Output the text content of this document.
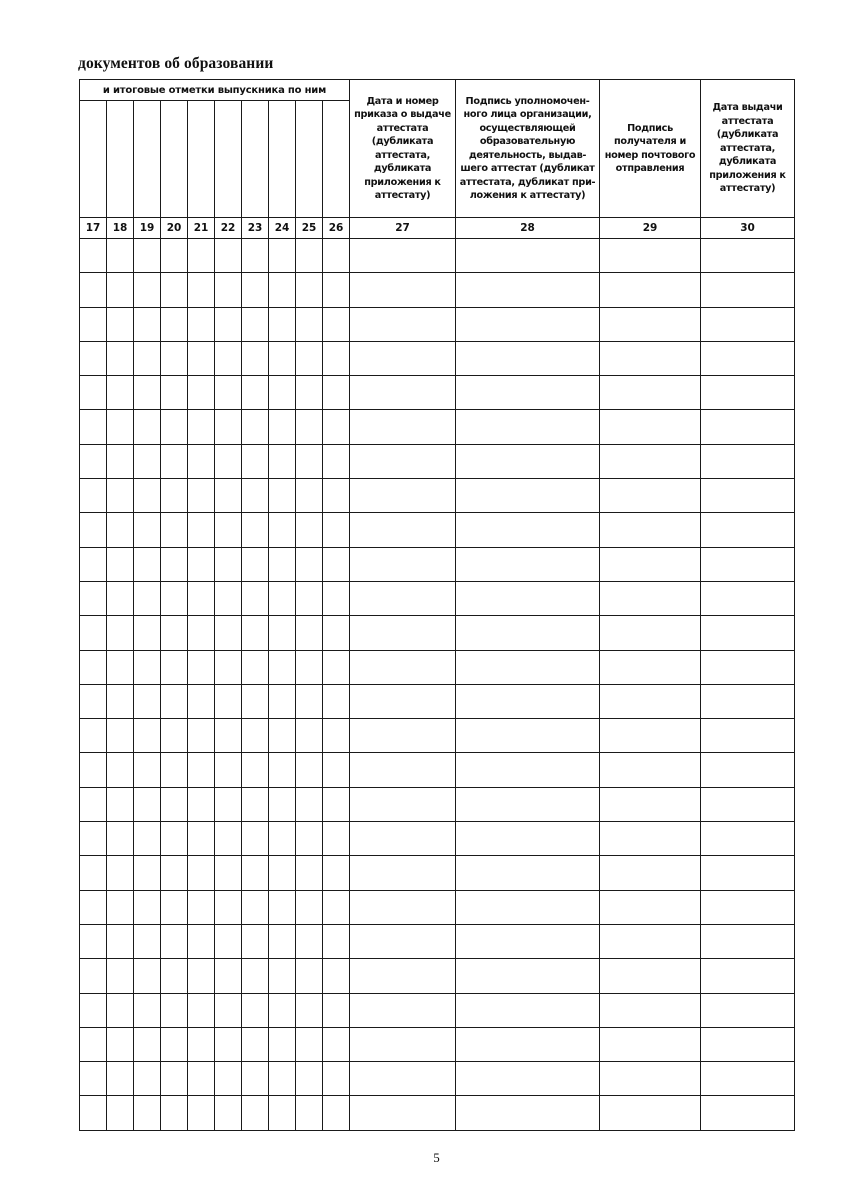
документов об образовании
и итоговые отметки выпускника по ним										Дата и номер приказа о выдаче аттестата (дубликата аттестата, дубликата приложения к аттестату)	Подпись уполномочен-ного лица организации, осуществляющей образовательную деятельность, выдав-шего аттестат (дубликат аттестата, дубликат при-ложения к аттестату)	Подпись получателя и номер почтового отправления	Дата выдачи аттестата (дубликата аттестата, дубликата приложения к аттестату)

17	18	19	20	21	22	23	24	25	26	27	28	29	30

5
